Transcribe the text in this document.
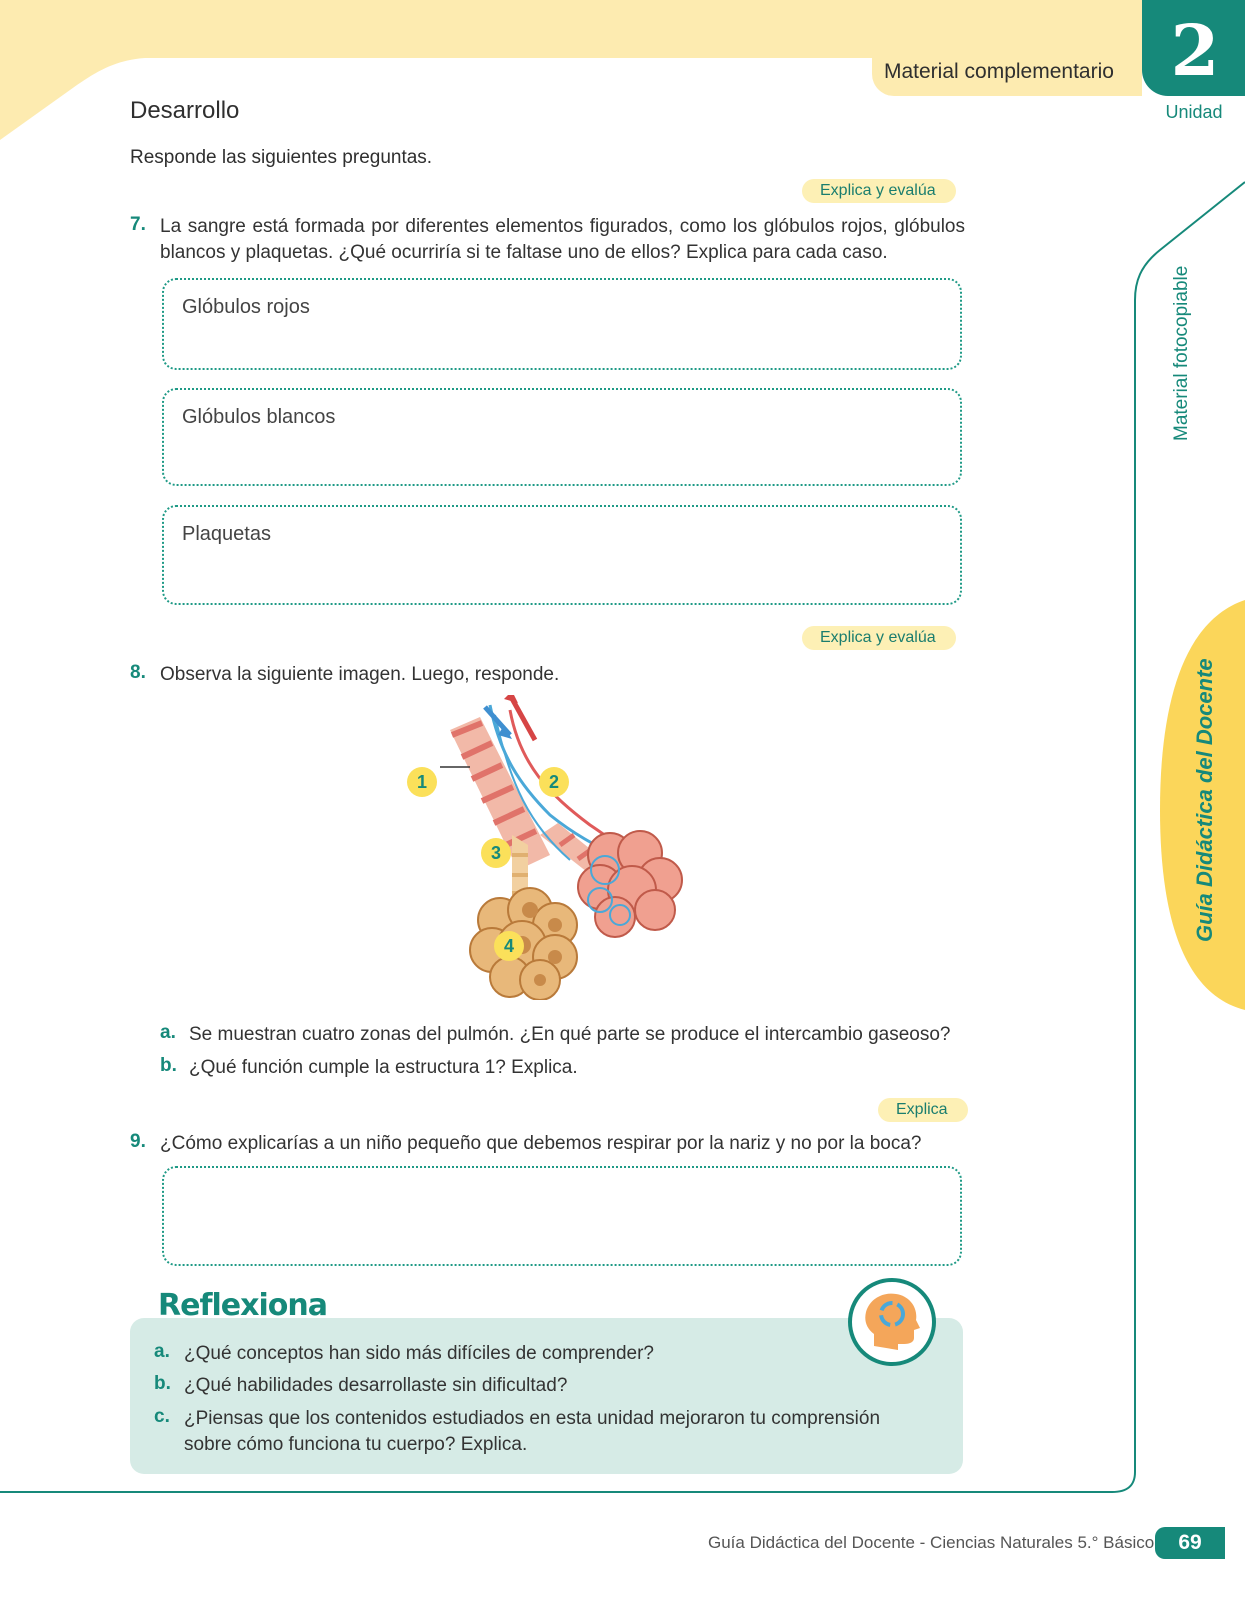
Material complementario 2
Unidad
Desarrollo
Responde las siguientes preguntas.
Explica y evalúa
7. La sangre está formada por diferentes elementos figurados, como los glóbulos rojos, glóbulos
blancos y plaquetas. ¿Qué ocurriría si te faltase uno de ellos? Explica para cada caso.
Glóbulos rojos
Glóbulos blancos
Plaquetas
Explica y evalúa
8. Observa la siguiente imagen. Luego, responde.
1	2
3
4
a. Se muestran cuatro zonas del pulmón. ¿En qué parte se produce el intercambio gaseoso?
b. ¿Qué función cumple la estructura 1? Explica.
Explica
9. ¿Cómo explicarías a un niño pequeño que debemos respirar por la nariz y no por la boca?
Reflexiona
a. ¿Qué conceptos han sido más difíciles de comprender?
b. ¿Qué habilidades desarrollaste sin dificultad?
c. ¿Piensas que los contenidos estudiados en esta unidad mejoraron tu comprensión
sobre cómo funciona tu cuerpo? Explica.
Material fotocopiable
Guía Didáctica del Docente
Guía Didáctica del Docente - Ciencias Naturales 5.° Básico	69
